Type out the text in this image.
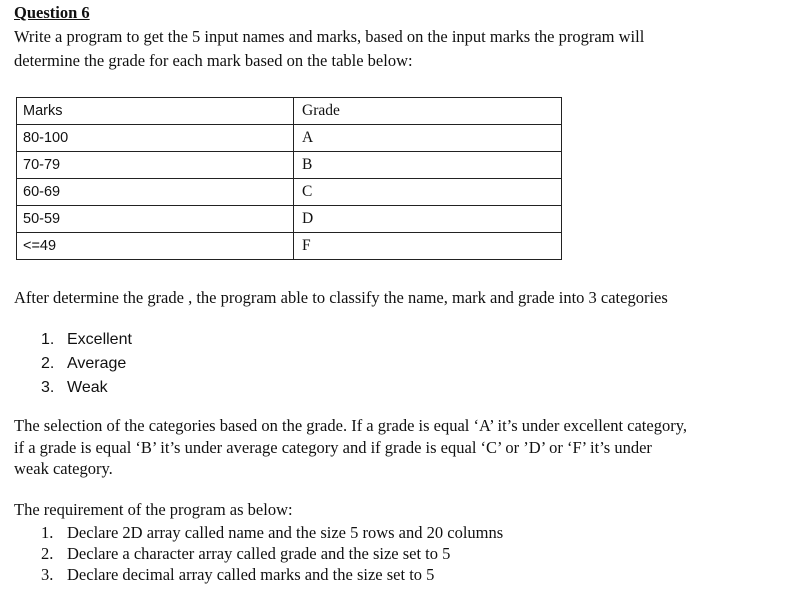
Question 6
Write a program to get the 5 input names and marks, based on the input marks the program will
determine the grade for each mark based on the table below:
Marks	Grade
80-100	A
70-79	B
60-69	C
50-59	D
<=49	F
After determine the grade , the program able to classify the name, mark and grade into 3 categories
1. Excellent
2. Average
3. Weak
The selection of the categories based on the grade. If a grade is equal ‘A’ it’s under excellent category,
if a grade is equal ‘B’ it’s under average category and if grade is equal ‘C’ or ’D’ or ‘F’ it’s under
weak category.
The requirement of the program as below:
1. Declare 2D array called name and the size 5 rows and 20 columns
2. Declare a character array called grade and the size set to 5
3. Declare decimal array called marks and the size set to 5
